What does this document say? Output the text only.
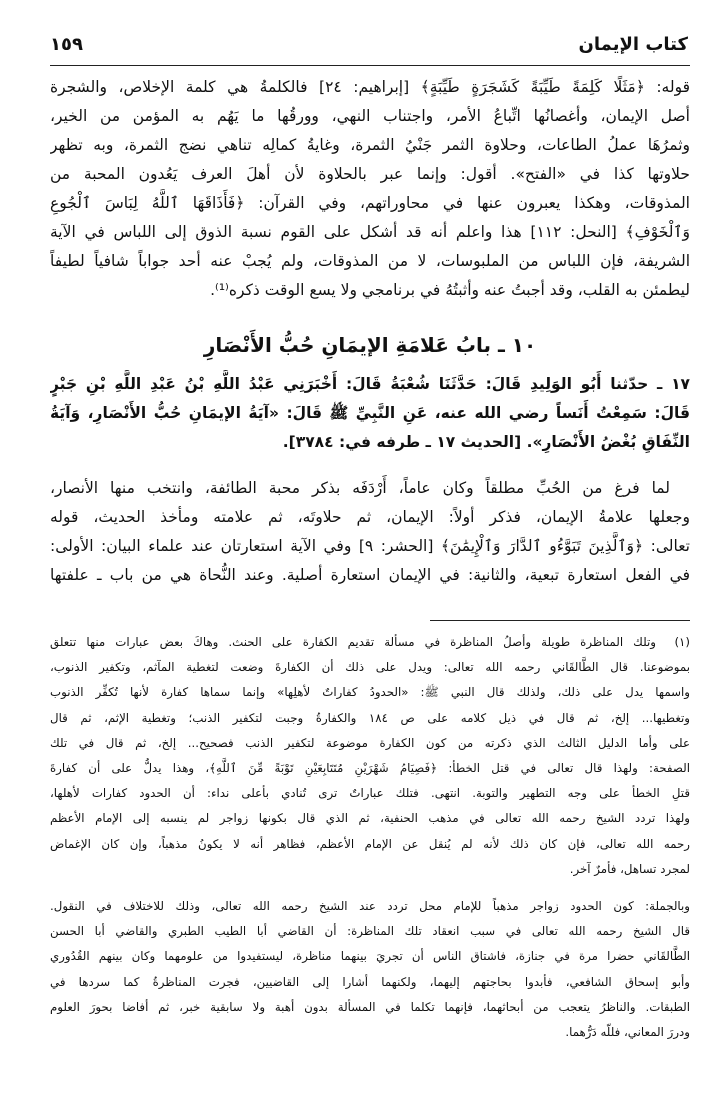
كتاب الإيمان
١٥٩
قوله: ﴿مَثَلًا كَلِمَةً طَيِّبَةً كَشَجَرَةٍ طَيِّبَةٍ﴾ [إبراهيم: ٢٤] فالكلمةُ هي كلمة الإخلاص، والشجرة
أصل الإيمان، وأغصانُها اتِّباعُ الأمر، واجتناب النهي، وورقُها ما يَهُم به المؤمن من الخير،
وثمرُهَا عملُ الطاعات، وحلاوة الثمر جَنْيُ الثمرة، وغايةُ كمالِه تناهي نضج الثمرة، وبه تظهر
حلاوتها كذا في «الفتح». أقول: وإنما عبر بالحلاوة لأن أهلَ العرف يَعُدون المحبة من
المذوقات، وهكذا يعبرون عنها في محاوراتهم، وفي القرآن: ﴿فَأَذَاقَهَا ٱللَّهُ لِبَاسَ ٱلْجُوعِ
وَٱلْخَوْفِ﴾ [النحل: ١١٢] هذا واعلم أنه قد أشكل على القوم نسبة الذوق إلى اللباس في الآية
الشريفة، فإن اللباس من الملبوسات، لا من المذوقات، ولم يُجبْ عنه أحد جواباً شافياً لطيفاً
ليطمئن به القلب، وقد أجبتُ عنه وأثبتُهُ في برنامجي ولا يسع الوقت ذكره⁽¹⁾.
١٠ ـ بابُ عَلامَةِ الإيمَانِ حُبُّ الأَنْصَارِ
١٧ ـ حدّثنا أَبُو الوَلِيدِ قَالَ: حَدَّثَنَا شُعْبَةُ قَالَ: أَخْبَرَنِي عَبْدُ اللَّهِ بْنُ عَبْدِ اللَّهِ بْنِ جَبْرٍ
قَالَ: سَمِعْتُ أَنَساً رضي الله عنه، عَنِ النَّبِيِّ ﷺ قَالَ: «آيَةُ الإيمَانِ حُبُّ الأَنْصَارِ، وَآيَةُ
النِّفَاقِ بُغْضُ الأَنْصَارِ». [الحديث ١٧ ـ طرفه في: ٣٧٨٤].
لما فرغ من الحُبِّ مطلقاً وكان عاماً، أَرْدَفَه بذكر محبة الطائفة، وانتخب منها الأنصار،
وجعلها علامةُ الإيمان، فذكر أولاً: الإيمان، ثم حلاوتَه، ثم علامته ومأخذ الحديث، قوله
تعالى: ﴿وَٱلَّذِينَ تَبَوَّءُو ٱلدَّارَ وَٱلْإِيمَٰنَ﴾ [الحشر: ٩] وفي الآية استعارتان عند علماء البيان: الأولى:
في الفعل استعارة تبعية، والثانية: في الإيمان استعارة أصلية. وعند النُّحاة هي من باب ـ علفتها
(١)
وتلك المناظرة طويلة وأصلُ المناظرة في مسألة تقديم الكفارة على الحنث. وهاكَ بعض عبارات منها تتعلق
بموضوعنا. قال الطَّالقَاني رحمه الله تعالى: ويدل على ذلك أن الكفارةَ وضعت لتغطية المآثم، وتكفير الذنوب،
واسمها يدل على ذلك، ولذلك قال النبي ﷺ: «الحدودُ كفاراتٌ لأهلِها» وإنما سماها كفارة لأنها تُكفِّر الذنوب
وتغطيها... إلخ، ثم قال في ذيل كلامه على ص ١٨٤ والكفارةُ وجبت لتكفير الذنب؛ وتغطية الإثم، ثم قال
على وأما الدليل الثالث الذي ذكرته من كون الكفارة موضوعة لتكفير الذنب فصحيح... إلخ، ثم قال في تلك
الصفحة: ولهذا قال تعالى في قتل الخطأ: ﴿فَصِيَامُ شَهْرَيْنِ مُتَتَابِعَيْنِ تَوْبَةً مِّنَ ٱللَّهِ﴾، وهذا يدلُّ على أن كفارةَ
قتلِ الخطأ على وجه التطهير والتوبة. انتهى. فتلك عباراتٌ ترى تُنادي بأعلى نداء: أن الحدود كفارات لأهلها،
ولهذا تردد الشيخ رحمه الله تعالى في مذهب الحنفية، ثم الذي قال بكونها زواجر لم ينسبه إلى الإمام الأعظم
رحمه الله تعالى، فإن كان ذلك لأنه لم يُنقل عن الإمام الأعظم، فظاهر أنه لا يكونُ مذهباً، وإن كان الإغماض
لمجرد تساهل، فأمرٌ آخر.
وبالجملة: كون الحدود زواجر مذهباً للإمام محل تردد عند الشيخ رحمه الله تعالى، وذلك للاختلاف في النقول.
قال الشيخ رحمه الله تعالى في سبب انعقاد تلك المناظرة: أن القاضي أبا الطيب الطبري والقاضي أبا الحسن
الطَّالقَاني حضرا مرة في جنازة، فاشتاق الناس أن تجريَ بينهما مناظرة، ليستفيدوا من علومهما وكان بينهم القُدُوري
وأبو إسحاق الشافعي، فأبدوا بحاجتهم إليهما، ولكنهما أشارا إلى القاضيين، فجرت المناظرةُ كما سردها في
الطبقات. والناظرُ يتعجب من أبحاثهما، فإنهما تكلما في المسألة بدون أهبة ولا سابقية خبر، ثم أفاضا بحورَ العلوم
ودررَ المعاني، فللّه دَرُّهما.
